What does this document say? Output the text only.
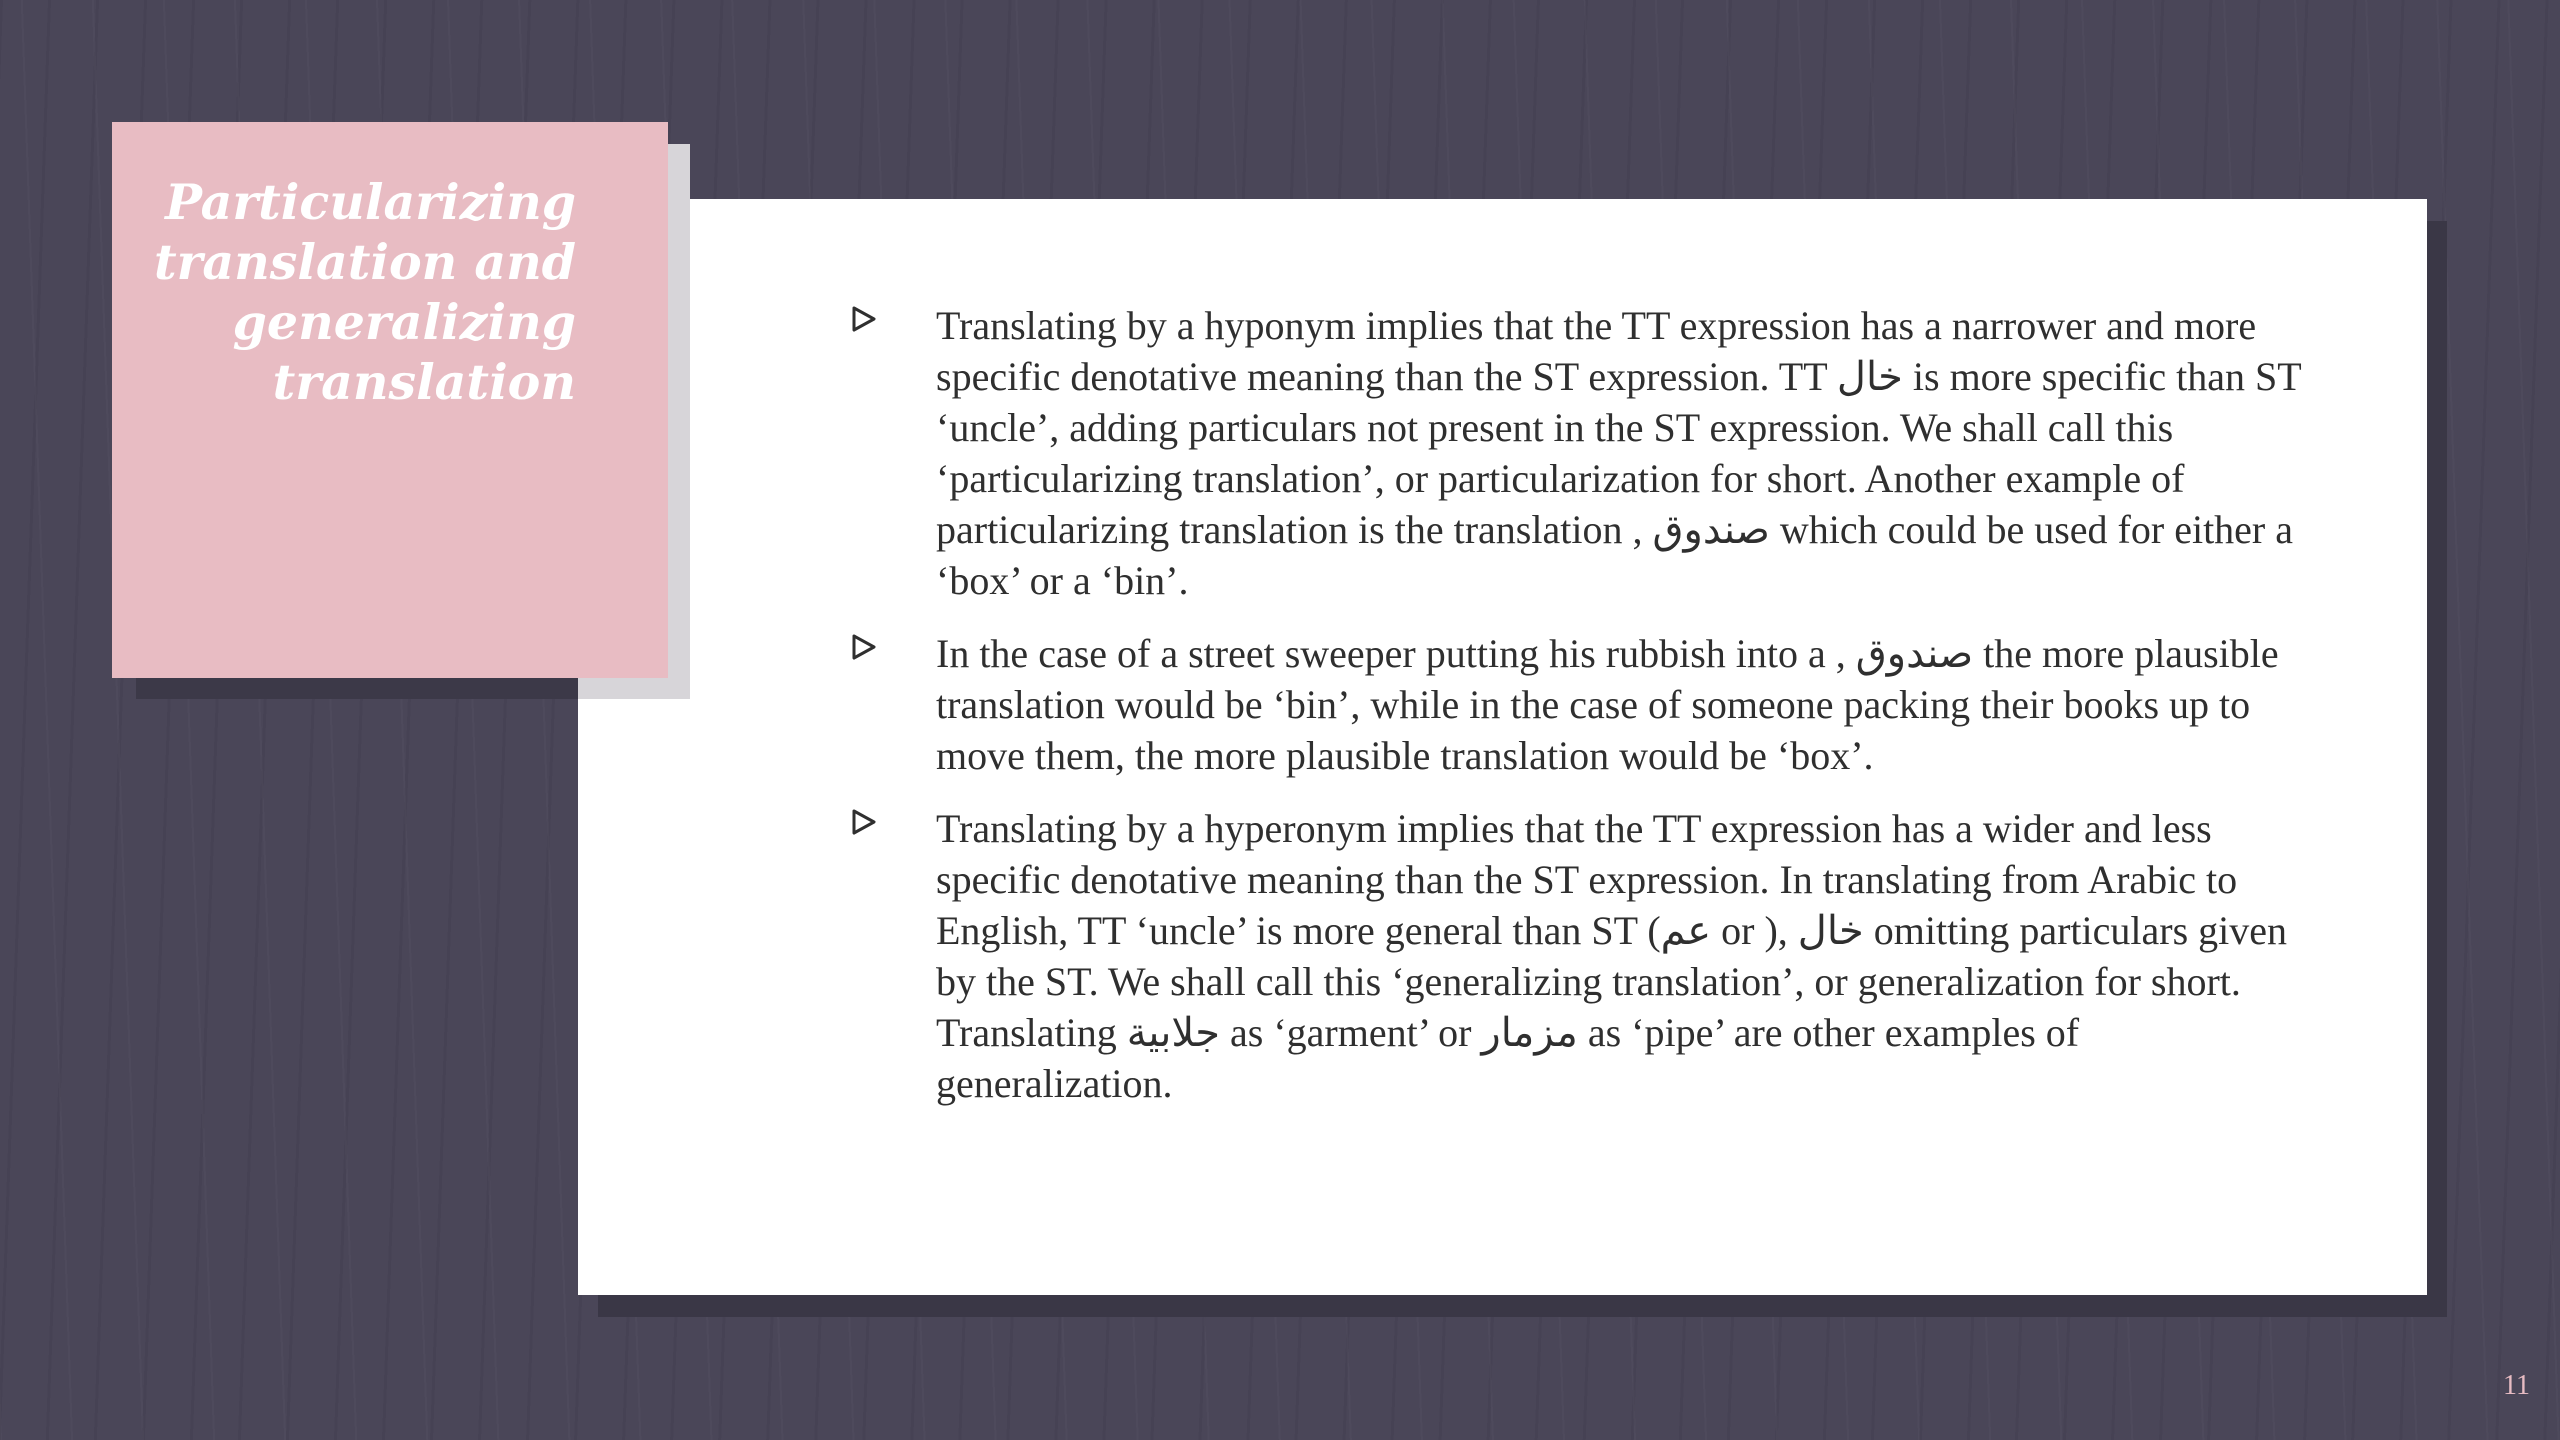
Particularizing translation and generalizing translation
Translating by a hyponym implies that the TT expression has a narrower and more specific denotative meaning than the ST expression. TT خال is more specific than ST ‘uncle’, adding particulars not present in the ST expression. We shall call this ‘particularizing translation’, or particularization for short. Another example of particularizing translation is the translation , صندوق which could be used for either a ‘box’ or a ‘bin’.
In the case of a street sweeper putting his rubbish into a , صندوق the more plausible translation would be ‘bin’, while in the case of someone packing their books up to move them, the more plausible translation would be ‘box’.
Translating by a hyperonym implies that the TT expression has a wider and less specific denotative meaning than the ST expression. In translating from Arabic to English, TT ‘uncle’ is more general than ST (عم or ), خال omitting particulars given by the ST. We shall call this ‘generalizing translation’, or generalization for short. Translating جلابية as ‘garment’ or مزمار as ‘pipe’ are other examples of generalization.
11
